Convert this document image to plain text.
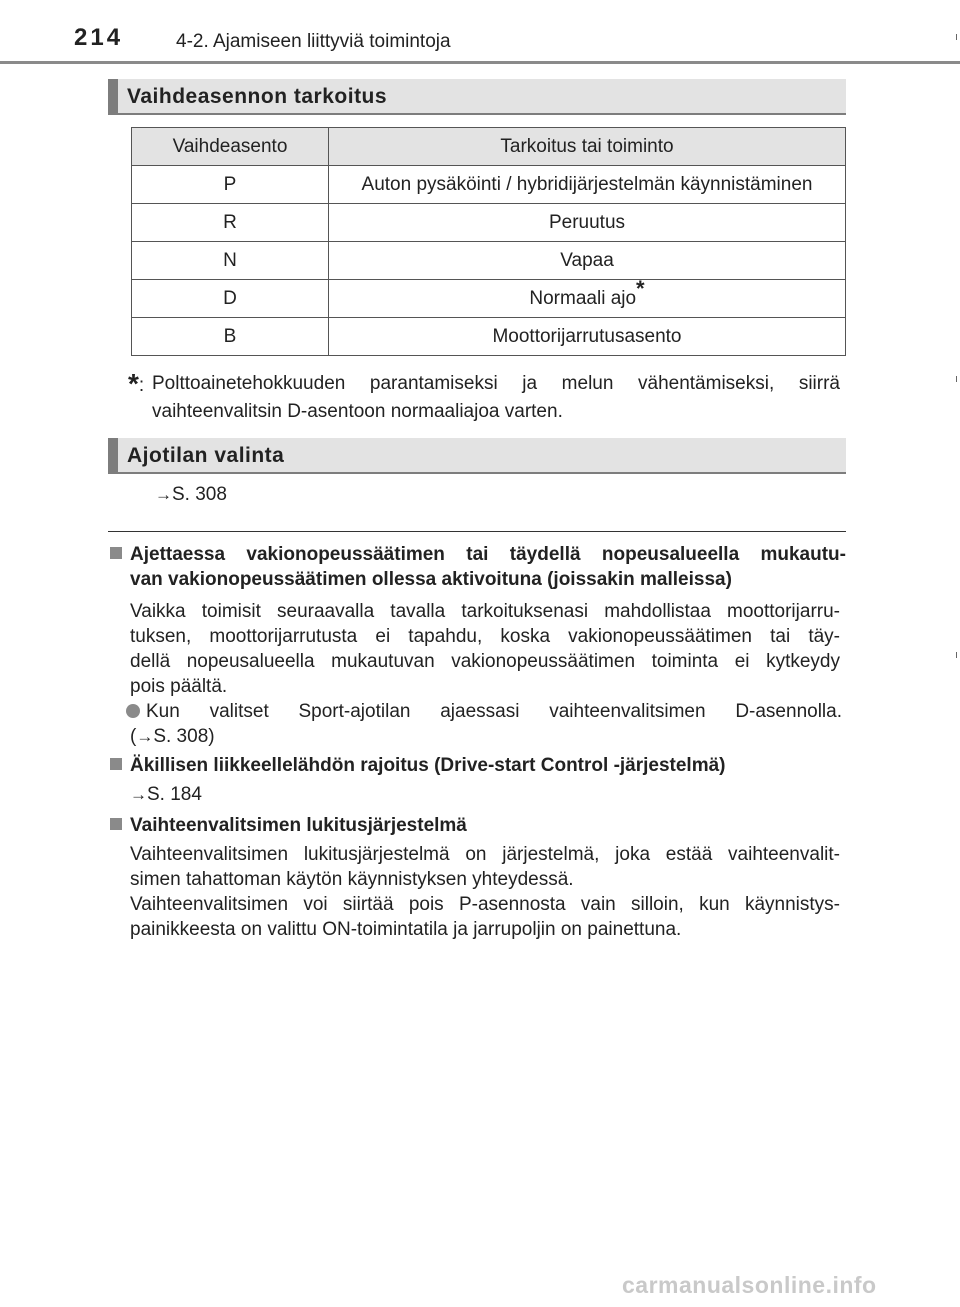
214	4-2. Ajamiseen liittyviä toimintoja
Vaihdeasennon tarkoitus
Vaihdeasento	Tarkoitus tai toiminto
P	Auton pysäköinti / hybridijärjestelmän käynnistäminen
R	Peruutus
N	Vapaa
D	Normaali ajo*
B	Moottorijarrutusasento
*: Polttoainetehokkuuden parantamiseksi ja melun vähentämiseksi, siirrä
vaihteenvalitsin D-asentoon normaaliajoa varten.
Ajotilan valinta
→S. 308
Ajettaessa vakionopeussäätimen tai täydellä nopeusalueella mukautu-
van vakionopeussäätimen ollessa aktivoituna (joissakin malleissa)
Vaikka toimisit seuraavalla tavalla tarkoituksenasi mahdollistaa moottorijarru-
tuksen, moottorijarrutusta ei tapahdu, koska vakionopeussäätimen tai täy-
dellä nopeusalueella mukautuvan vakionopeussäätimen toiminta ei kytkeydy
pois päältä.
Kun valitset Sport-ajotilan ajaessasi vaihteenvalitsimen D-asennolla.
(→S. 308)
Äkillisen liikkeellelähdön rajoitus (Drive-start Control -järjestelmä)
→S. 184
Vaihteenvalitsimen lukitusjärjestelmä
Vaihteenvalitsimen lukitusjärjestelmä on järjestelmä, joka estää vaihteenvalit-
simen tahattoman käytön käynnistyksen yhteydessä.
Vaihteenvalitsimen voi siirtää pois P-asennosta vain silloin, kun käynnistys-
painikkeesta on valittu ON-toimintatila ja jarrupoljin on painettuna.
carmanualsonline.info
